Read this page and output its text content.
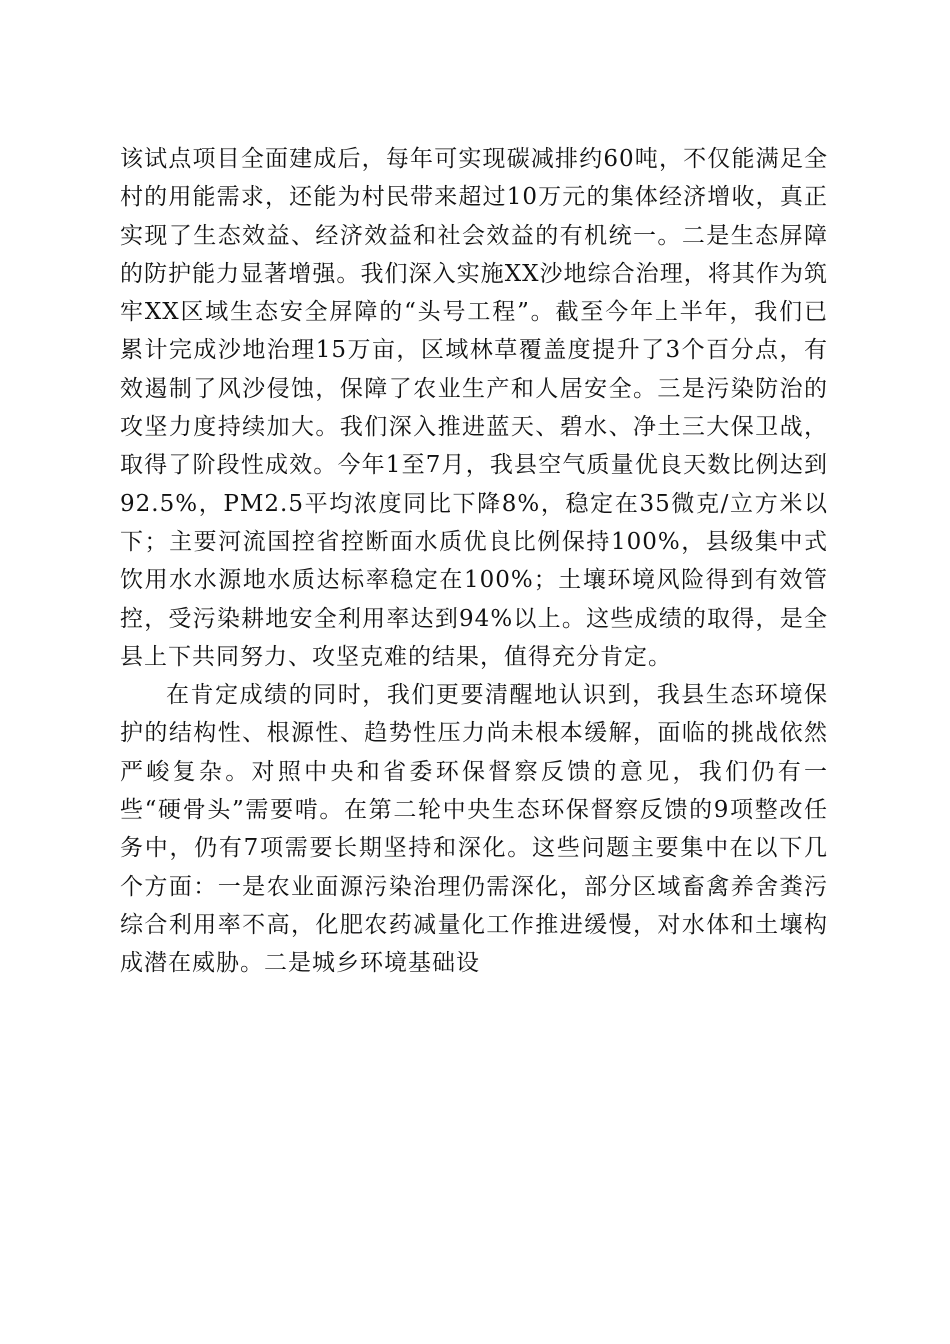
该试点项目全面建成后，每年可实现碳减排约60吨，不仅能满足全村的用能需求，还能为村民带来超过10万元的集体经济增收，真正实现了生态效益、经济效益和社会效益的有机统一。二是生态屏障的防护能力显著增强。我们深入实施XX沙地综合治理，将其作为筑牢XX区域生态安全屏障的“头号工程”。截至今年上半年，我们已累计完成沙地治理15万亩，区域林草覆盖度提升了3个百分点，有效遏制了风沙侵蚀，保障了农业生产和人居安全。三是污染防治的攻坚力度持续加大。我们深入推进蓝天、碧水、净土三大保卫战，取得了阶段性成效。今年1至7月，我县空气质量优良天数比例达到92.5%，PM2.5平均浓度同比下降8%，稳定在35微克/立方米以下；主要河流国控省控断面水质优良比例保持100%，县级集中式饮用水水源地水质达标率稳定在100%；土壤环境风险得到有效管控，受污染耕地安全利用率达到94%以上。这些成绩的取得，是全县上下共同努力、攻坚克难的结果，值得充分肯定。

在肯定成绩的同时，我们更要清醒地认识到，我县生态环境保护的结构性、根源性、趋势性压力尚未根本缓解，面临的挑战依然严峻复杂。对照中央和省委环保督察反馈的意见，我们仍有一些“硬骨头”需要啃。在第二轮中央生态环保督察反馈的9项整改任务中，仍有7项需要长期坚持和深化。这些问题主要集中在以下几个方面：一是农业面源污染治理仍需深化，部分区域畜禽养舍粪污综合利用率不高，化肥农药减量化工作推进缓慢，对水体和土壤构成潜在威胁。二是城乡环境基础设
